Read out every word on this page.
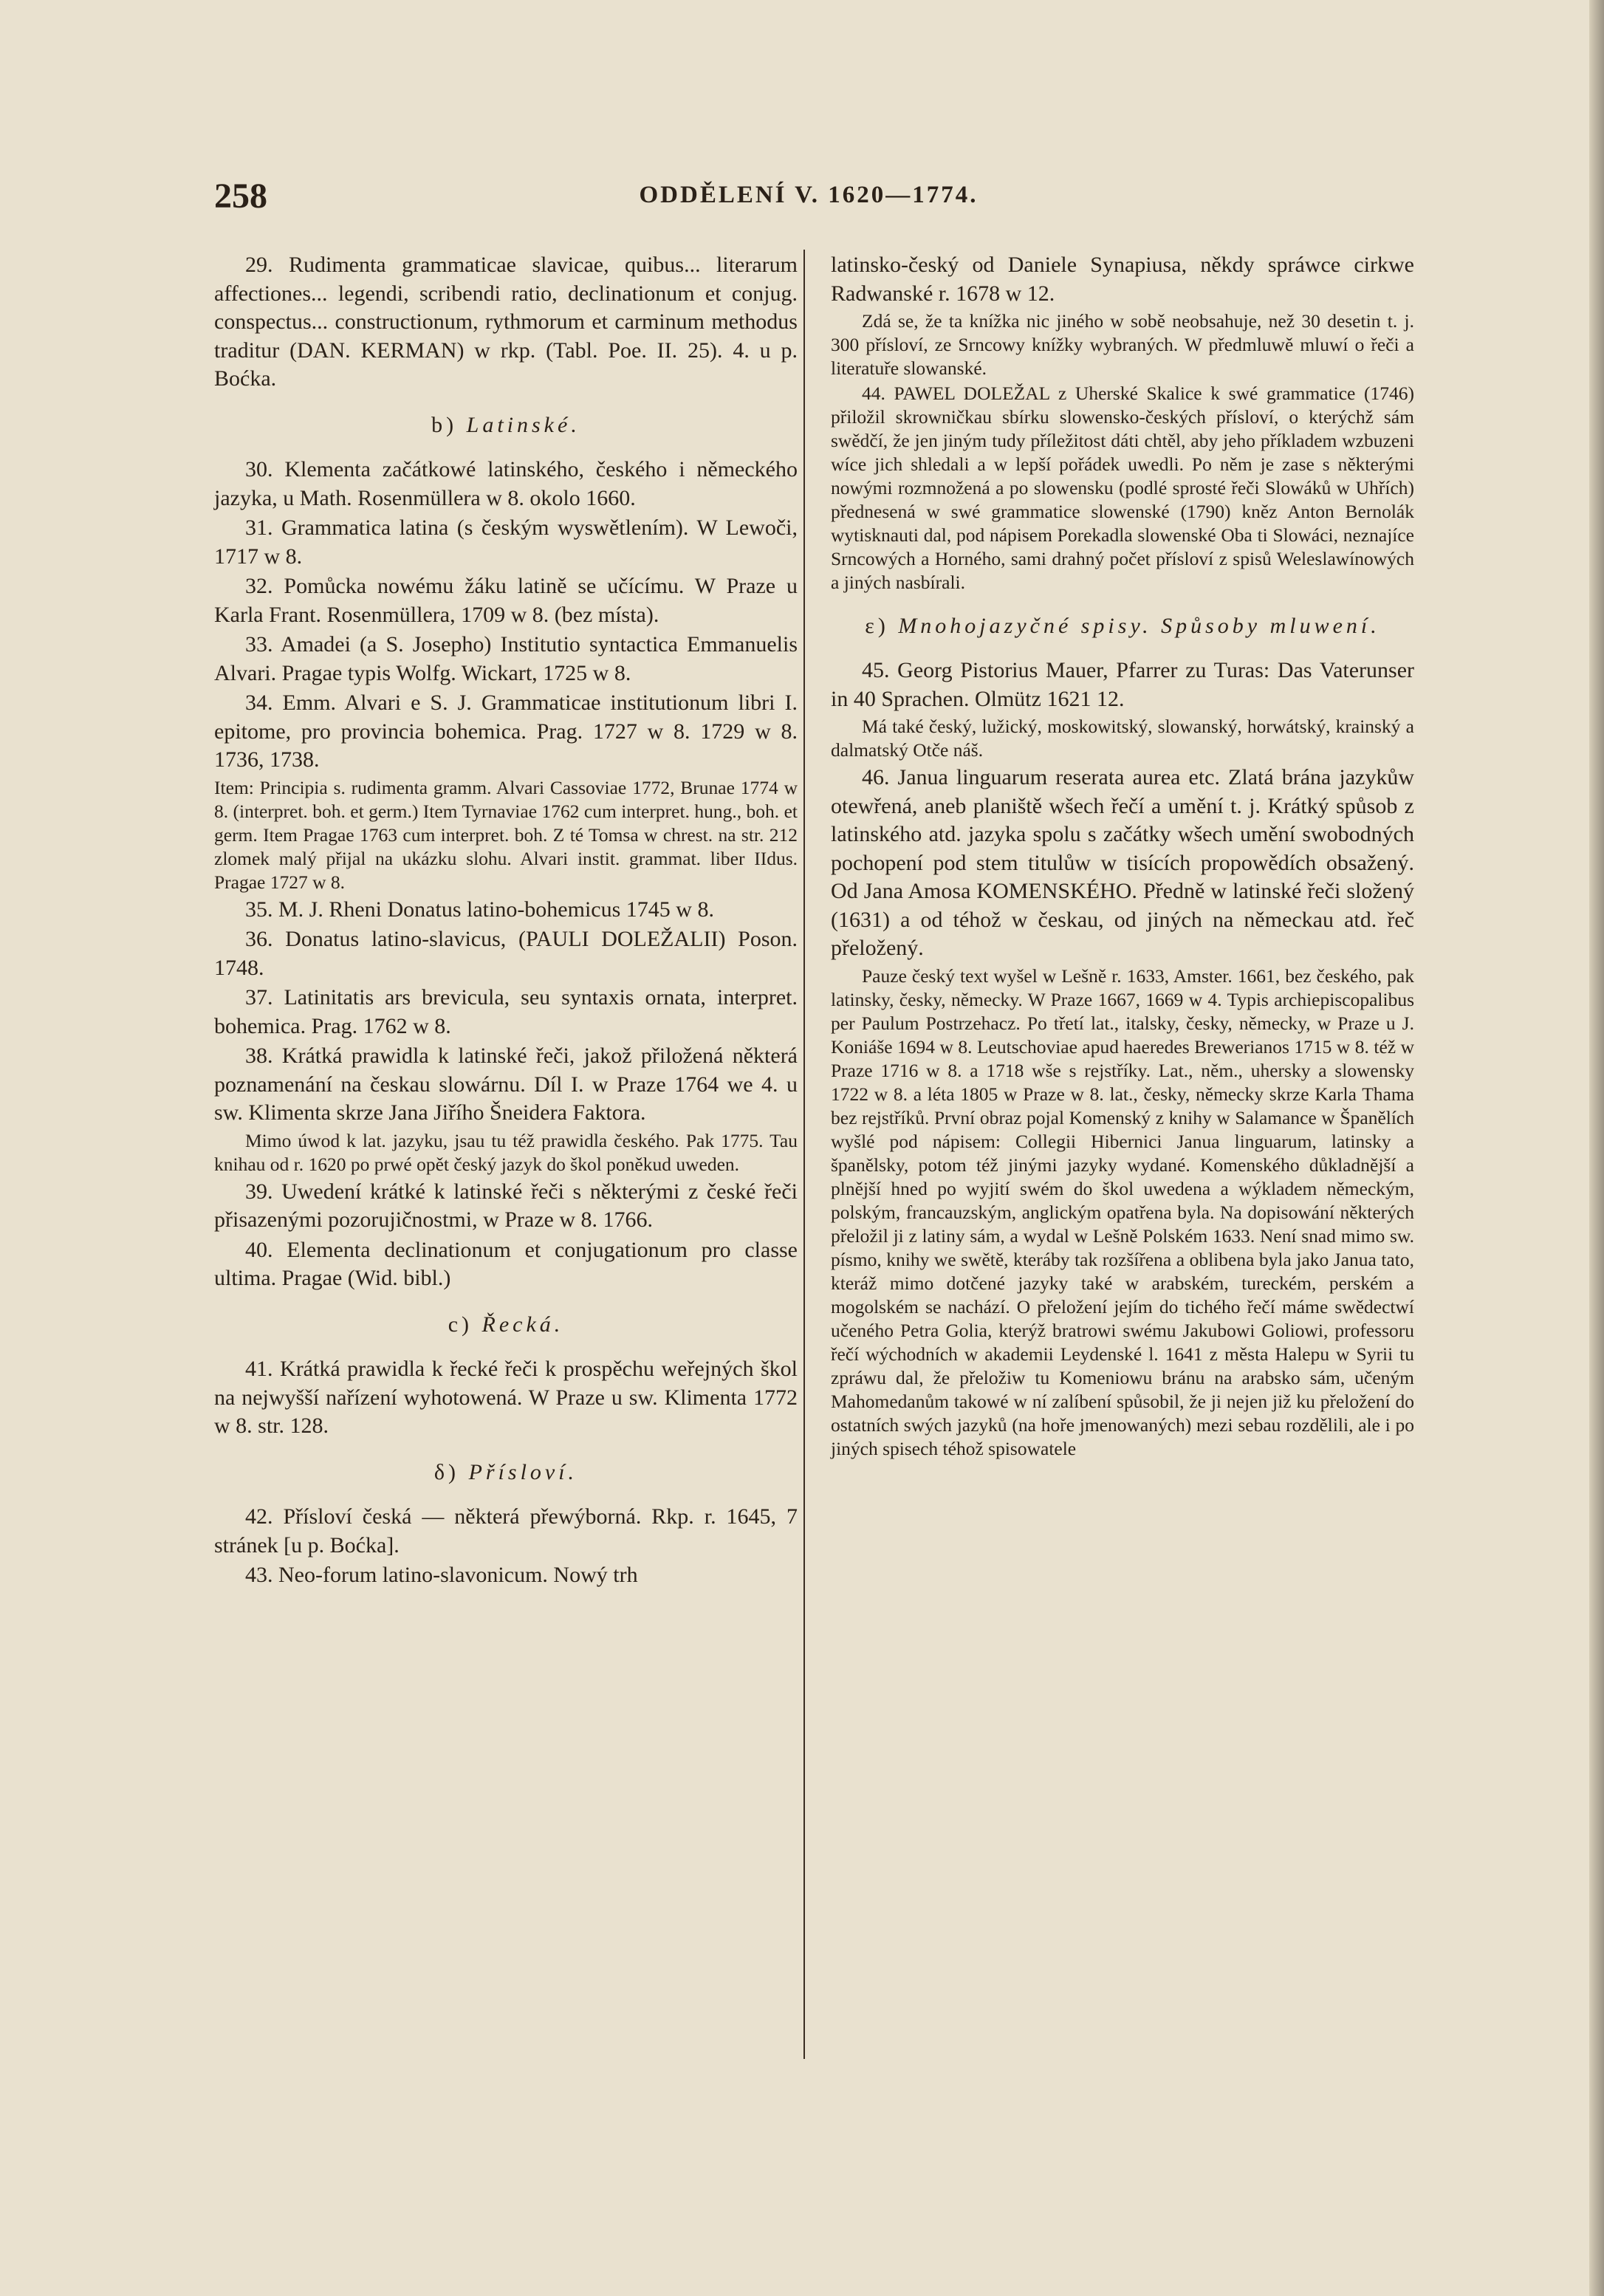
258	ODDĚLENÍ V. 1620—1774.

29. Rudimenta grammaticae slavicae, quibus... literarum affectiones... legendi, scribendi ratio, declinationum et conjug. conspectus... constructionum, rythmorum et carminum methodus traditur (DAN. KERMAN) w rkp. (Tabl. Poe. II. 25). 4. u p. Boćka.

b) Latinské.

30. Klementa začátkowé latinského, českého i německého jazyka, u Math. Rosenmüllera w 8. okolo 1660.

31. Grammatica latina (s českým wyswětlením). W Lewoči, 1717 w 8.

32. Pomůcka nowému žáku latině se učícímu. W Praze u Karla Frant. Rosenmüllera, 1709 w 8. (bez místa).

33. Amadei (a S. Josepho) Institutio syntactica Emmanuelis Alvari. Pragae typis Wolfg. Wickart, 1725 w 8.

34. Emm. Alvari e S. J. Grammaticae institutionum libri I. epitome, pro provincia bohemica. Prag. 1727 w 8. 1729 w 8. 1736, 1738.

Item: Principia s. rudimenta gramm. Alvari Cassoviae 1772, Brunae 1774 w 8. (interpret. boh. et germ.) Item Tyrnaviae 1762 cum interpret. hung., boh. et germ. Item Pragae 1763 cum interpret. boh. Z té Tomsa w chrest. na str. 212 zlomek malý přijal na ukázku slohu. Alvari instit. grammat. liber IIdus. Pragae 1727 w 8.

35. M. J. Rheni Donatus latino-bohemicus 1745 w 8.

36. Donatus latino-slavicus, (PAULI DOLEŽALII) Poson. 1748.

37. Latinitatis ars brevicula, seu syntaxis ornata, interpret. bohemica. Prag. 1762 w 8.

38. Krátká prawidla k latinské řeči, jakož přiložená některá poznamenání na českau slowárnu. Díl I. w Praze 1764 we 4. u sw. Klimenta skrze Jana Jiřího Šneidera Faktora.

Mimo úwod k lat. jazyku, jsau tu též prawidla českého. Pak 1775. Tau knihau od r. 1620 po prwé opět český jazyk do škol poněkud uweden.

39. Uwedení krátké k latinské řeči s některými z české řeči přisazenými pozorujičnostmi, w Praze w 8. 1766.

40. Elementa declinationum et conjugationum pro classe ultima. Pragae (Wid. bibl.)

c) Řecká.

41. Krátká prawidla k řecké řeči k prospěchu weřejných škol na nejwyšší nařízení wyhotowená. W Praze u sw. Klimenta 1772 w 8. str. 128.

δ) Přísloví.

42. Přísloví česká — některá přewýborná. Rkp. r. 1645, 7 stránek [u p. Boćka].

43. Neo-forum latino-slavonicum. Nowý trh

latinsko-český od Daniele Synapiusa, někdy spráwce cirkwe Radwanské r. 1678 w 12.

Zdá se, že ta knížka nic jiného w sobě neobsahuje, než 30 desetin t. j. 300 přísloví, ze Srncowy knížky wybraných. W předmluwě mluwí o řeči a literatuře slowanské.

44. PAWEL DOLEŽAL z Uherské Skalice k swé grammatice (1746) přiložil skrowničkau sbírku slowensko-českých přísloví, o kterýchž sám swědčí, že jen jiným tudy příležitost dáti chtěl, aby jeho příkladem wzbuzeni wíce jich shledali a w lepší pořádek uwedli. Po něm je zase s některými nowými rozmnožená a po slowensku (podlé sprosté řeči Slowáků w Uhřích) přednesená w swé grammatice slowenské (1790) kněz Anton Bernolák wytisknauti dal, pod nápisem Porekadla slowenské Oba ti Slowáci, neznajíce Srncowých a Horného, sami drahný počet přísloví z spisů Weleslawínowých a jiných nasbírali.

ε) Mnohojazyčné spisy. Spůsoby mluwení.

45. Georg Pistorius Mauer, Pfarrer zu Turas: Das Vaterunser in 40 Sprachen. Olmütz 1621 12.

Má také český, lužický, moskowitský, slowanský, horwátský, krainský a dalmatský Otče náš.

46. Janua linguarum reserata aurea etc. Zlatá brána jazykůw otewřená, aneb planiště wšech řečí a umění t. j. Krátký spůsob z latinského atd. jazyka spolu s začátky wšech umění swobodných pochopení pod stem titulůw w tisících propowědích obsažený. Od Jana Amosa KOMENSKÉHO. Předně w latinské řeči složený (1631) a od téhož w českau, od jiných na německau atd. řeč přeložený.

Pauze český text wyšel w Lešně r. 1633, Amster. 1661, bez českého, pak latinsky, česky, německy. W Praze 1667, 1669 w 4. Typis archiepiscopalibus per Paulum Postrzehacz. Po třetí lat., italsky, česky, německy, w Praze u J. Koniáše 1694 w 8. Leutschoviae apud haeredes Brewerianos 1715 w 8. též w Praze 1716 w 8. a 1718 wše s rejstříky. Lat., něm., uhersky a slowensky 1722 w 8. a léta 1805 w Praze w 8. lat., česky, německy skrze Karla Thama bez rejstříků. První obraz pojal Komenský z knihy w Salamance w Španělích wyšlé pod nápisem: Collegii Hibernici Janua linguarum, latinsky a španělsky, potom též jinými jazyky wydané. Komenského důkladnější a plnější hned po wyjití swém do škol uwedena a wýkladem německým, polským, francauzským, anglickým opatřena byla. Na dopisowání některých přeložil ji z latiny sám, a wydal w Lešně Polském 1633. Není snad mimo sw. písmo, knihy we swětě, kteráby tak rozšířena a oblibena byla jako Janua tato, kteráž mimo dotčené jazyky také w arabském, tureckém, perském a mogolském se nachází. O přeložení jejím do tichého řečí máme swědectwí učeného Petra Golia, kterýž bratrowi swému Jakubowi Goliowi, professoru řečí wýchodních w akademii Leydenské l. 1641 z města Halepu w Syrii tu zpráwu dal, že přeložiw tu Komeniowu bránu na arabsko sám, učeným Mahomedanům takowé w ní zalíbení spůsobil, že ji nejen již ku přeložení do ostatních swých jazyků (na hoře jmenowaných) mezi sebau rozdělili, ale i po jiných spisech téhož spisowatele
